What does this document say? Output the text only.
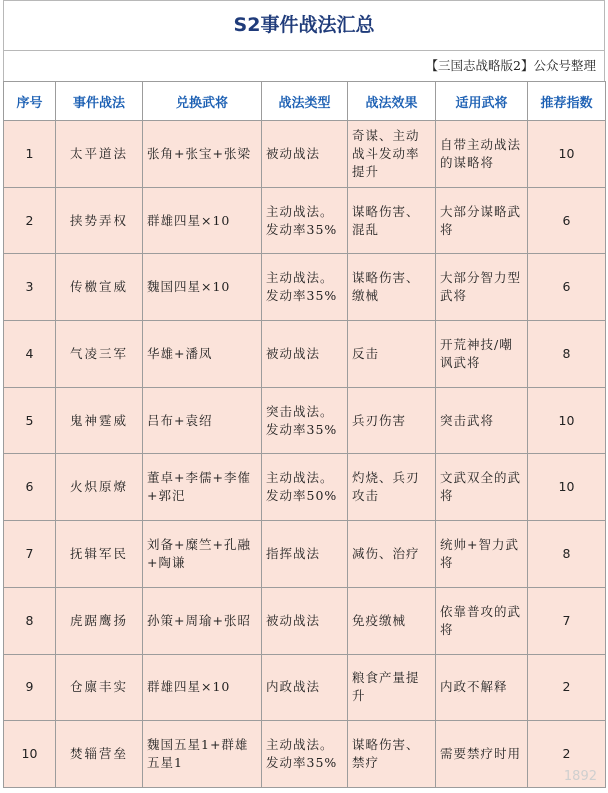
S2事件战法汇总
【三国志战略版2】公众号整理
序号	事件战法	兑换武将	战法类型	战法效果	适用武将	推荐指数
1	太平道法	张角+张宝+张梁	被动战法	奇谋、主动战斗发动率提升	自带主动战法的谋略将	10
2	挟势弄权	群雄四星×10	主动战法。发动率35%	谋略伤害、混乱	大部分谋略武将	6
3	传檄宣威	魏国四星×10	主动战法。发动率35%	谋略伤害、缴械	大部分智力型武将	6
4	气凌三军	华雄+潘凤	被动战法	反击	开荒神技/嘲讽武将	8
5	鬼神霆威	吕布+袁绍	突击战法。发动率35%	兵刃伤害	突击武将	10
6	火炽原燎	董卓+李儒+李傕+郭汜	主动战法。发动率50%	灼烧、兵刃攻击	文武双全的武将	10
7	抚辑军民	刘备+糜竺+孔融+陶谦	指挥战法	减伤、治疗	统帅+智力武将	8
8	虎踞鹰扬	孙策+周瑜+张昭	被动战法	免疫缴械	依靠普攻的武将	7
9	仓廪丰实	群雄四星×10	内政战法	粮食产量提升	内政不解释	2
10	焚辎营垒	魏国五星1+群雄五星1	主动战法。发动率35%	谋略伤害、禁疗	需要禁疗时用	2
1892
